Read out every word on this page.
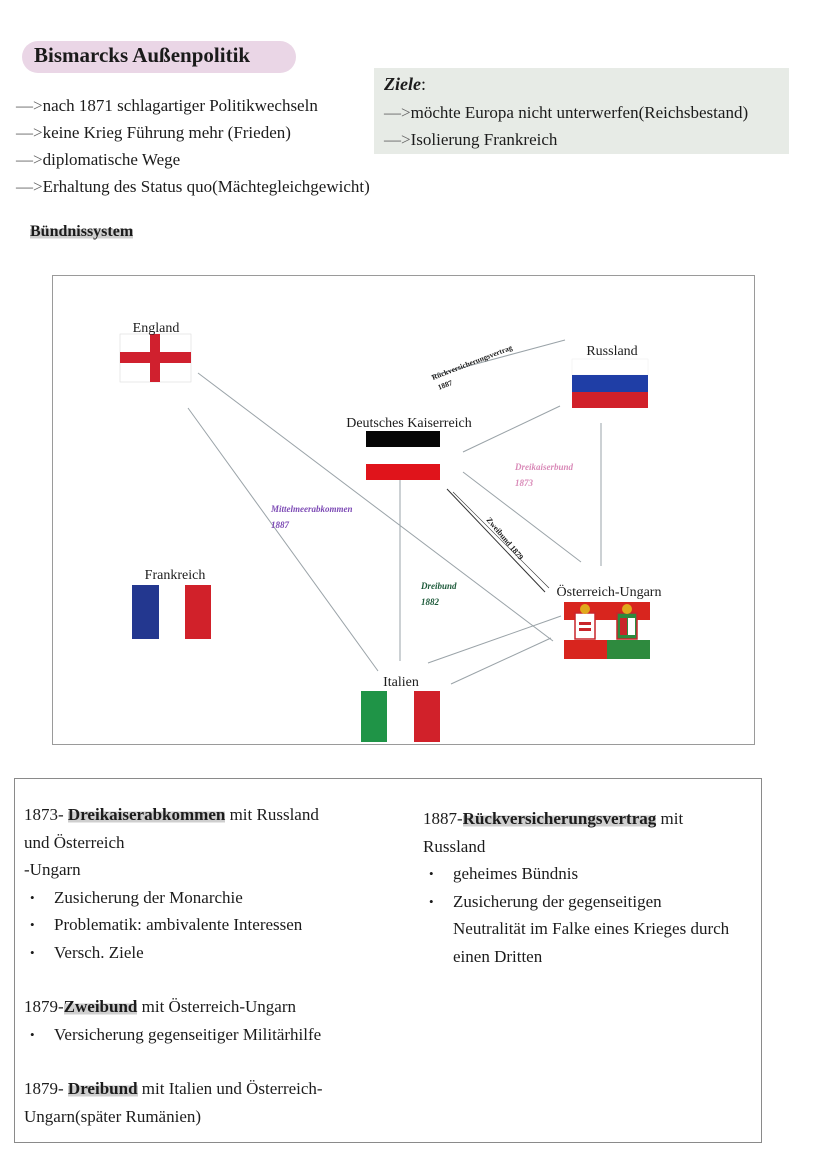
Bismarcks Außenpolitik
—>nach 1871 schlagartiger Politikwechseln
—>keine Krieg Führung mehr (Frieden)
—>diplomatische Wege
—>Erhaltung des Status quo(Mächtegleichgewicht)
Ziele:
—>möchte Europa nicht unterwerfen(Reichsbestand)
—>Isolierung Frankreich
Bündnissystem
England
Russland
Deutsches Kaiserreich
Frankreich
Österreich-Ungarn
Italien
Rückversicherungsvertrag
1887
Dreikaiserbund
1873
Mittelmeerabkommen
1887	Zweibund 1879
Dreibund
1882
1873- Dreikaiserabkommen mit Russland
und Österreich
-Ungarn
• Zusicherung der Monarchie
• Problematik: ambivalente Interessen
• Versch. Ziele
1879-Zweibund mit Österreich-Ungarn
• Versicherung gegenseitiger Militärhilfe
1879- Dreibund mit Italien und Österreich-
Ungarn(später Rumänien)
1887-Rückversicherungsvertrag mit
Russland
• geheimes Bündnis
• Zusicherung der gegenseitigen
Neutralität im Falke eines Krieges durch
einen Dritten
